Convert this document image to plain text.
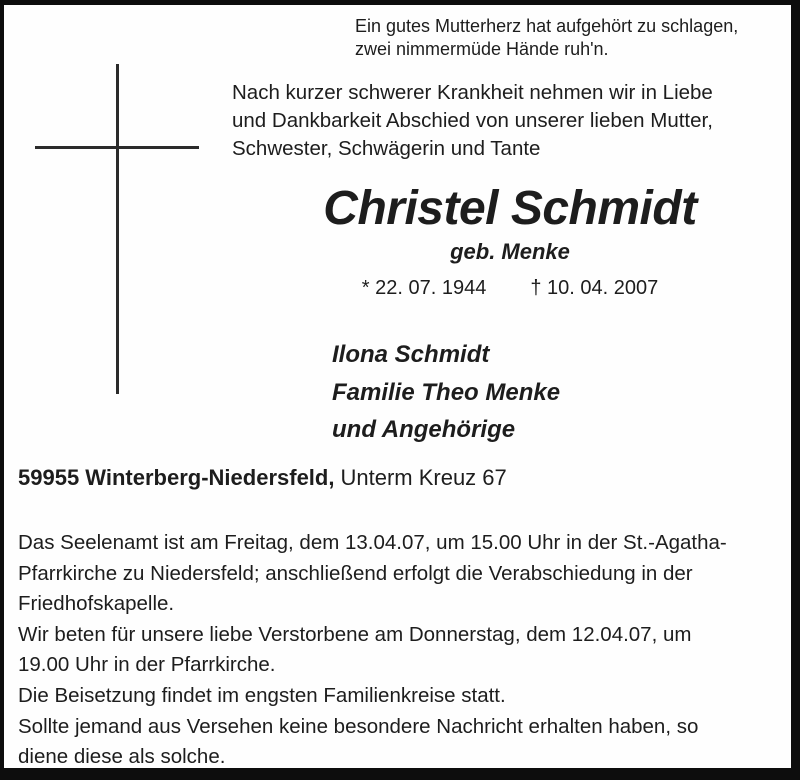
Ein gutes Mutterherz hat aufgehört zu schlagen,
zwei nimmermüde Hände ruh'n.
Nach kurzer schwerer Krankheit nehmen wir in Liebe
und Dankbarkeit Abschied von unserer lieben Mutter,
Schwester, Schwägerin und Tante
Christel Schmidt
geb. Menke
* 22. 07. 1944 † 10. 04. 2007
Ilona Schmidt
Familie Theo Menke
und Angehörige
59955 Winterberg-Niedersfeld, Unterm Kreuz 67
Das Seelenamt ist am Freitag, dem 13.04.07, um 15.00 Uhr in der St.-Agatha-
Pfarrkirche zu Niedersfeld; anschließend erfolgt die Verabschiedung in der
Friedhofskapelle.
Wir beten für unsere liebe Verstorbene am Donnerstag, dem 12.04.07, um
19.00 Uhr in der Pfarrkirche.
Die Beisetzung findet im engsten Familienkreise statt.
Sollte jemand aus Versehen keine besondere Nachricht erhalten haben, so
diene diese als solche.
